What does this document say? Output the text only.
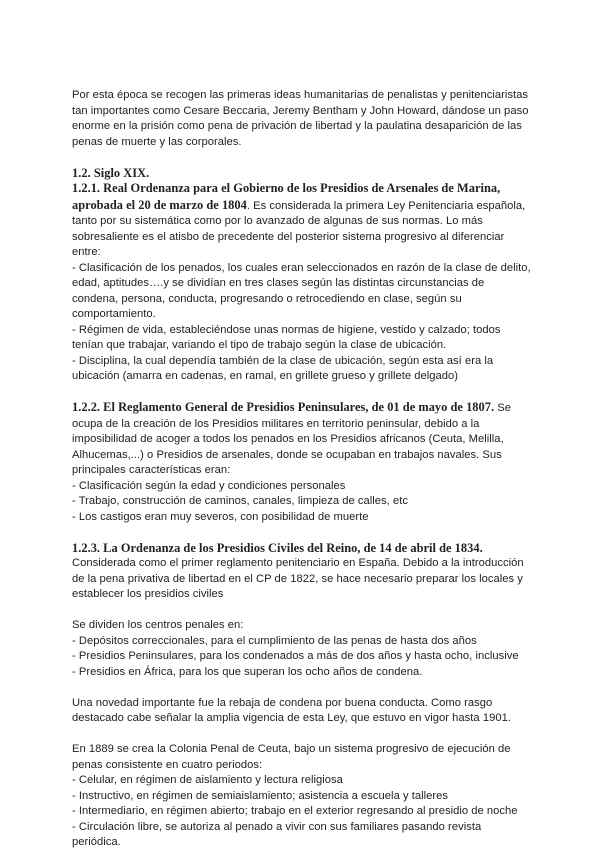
Por esta época se recogen las primeras ideas humanitarias de penalistas y penitenciaristas tan importantes como Cesare Beccaria, Jeremy Bentham y John Howard, dándose un paso enorme en la prisión como pena de privación de libertad y la paulatina desaparición de las penas de muerte y las corporales.

1.2. Siglo XIX.

1.2.1. Real Ordenanza para el Gobierno de los Presidios de Arsenales de Marina, aprobada el 20 de marzo de 1804. Es considerada la primera Ley Penitenciaria española, tanto por su sistemática como por lo avanzado de algunas de sus normas. Lo más sobresaliente es el atisbo de precedente del posterior sistema progresivo al diferenciar entre:

- Clasificación de los penados, los cuales eran seleccionados en razón de la clase de delito, edad, aptitudes….y se dividían en tres clases según las distintas circunstancias de condena, persona, conducta, progresando o retrocediendo en clase, según su comportamiento.
- Régimen de vida, estableciéndose unas normas de higiene, vestido y calzado; todos tenían que trabajar, variando el tipo de trabajo según la clase de ubicación.
- Disciplina, la cual dependía también de la clase de ubicación, según esta así era la ubicación (amarra en cadenas, en ramal, en grillete grueso y grillete delgado)

1.2.2. El Reglamento General de Presidios Peninsulares, de 01 de mayo de 1807. Se ocupa de la creación de los Presidios militares en territorio peninsular, debido a la imposibilidad de acoger a todos los penados en los Presidios africanos (Ceuta, Melilla, Alhucemas,...) o Presidios de arsenales, donde se ocupaban en trabajos navales. Sus principales características eran:

- Clasificación según la edad y condiciones personales
- Trabajo, construcción de caminos, canales, limpieza de calles, etc
- Los castigos eran muy severos, con posibilidad de muerte
1.2.3. La Ordenanza de los Presidios Civiles del Reino, de 14 de abril de 1834.

Considerada como el primer reglamento penitenciario en España. Debido a la introducción de la pena privativa de libertad en el CP de 1822, se hace necesario preparar los locales y establecer los presidios civiles

Se dividen los centros penales en:

- Depósitos correccionales, para el cumplimiento de las penas de hasta dos años
- Presidios Peninsulares, para los condenados a más de dos años y hasta ocho, inclusive
- Presidios en África, para los que superan los ocho años de condena.

Una novedad importante fue la rebaja de condena por buena conducta. Como rasgo destacado cabe señalar la amplia vigencia de esta Ley, que estuvo en vigor hasta 1901.

En 1889 se crea la Colonia Penal de Ceuta, bajo un sistema progresivo de ejecución de penas consistente en cuatro periodos:

- Celular, en régimen de aislamiento y lectura religiosa
- Instructivo, en régimen de semiaislamiento; asistencia a escuela y talleres
- Intermediario, en régimen abierto; trabajo en el exterior regresando al presidio de noche
- Circulación libre, se autoriza al penado a vivir con sus familiares pasando revista periódica.
